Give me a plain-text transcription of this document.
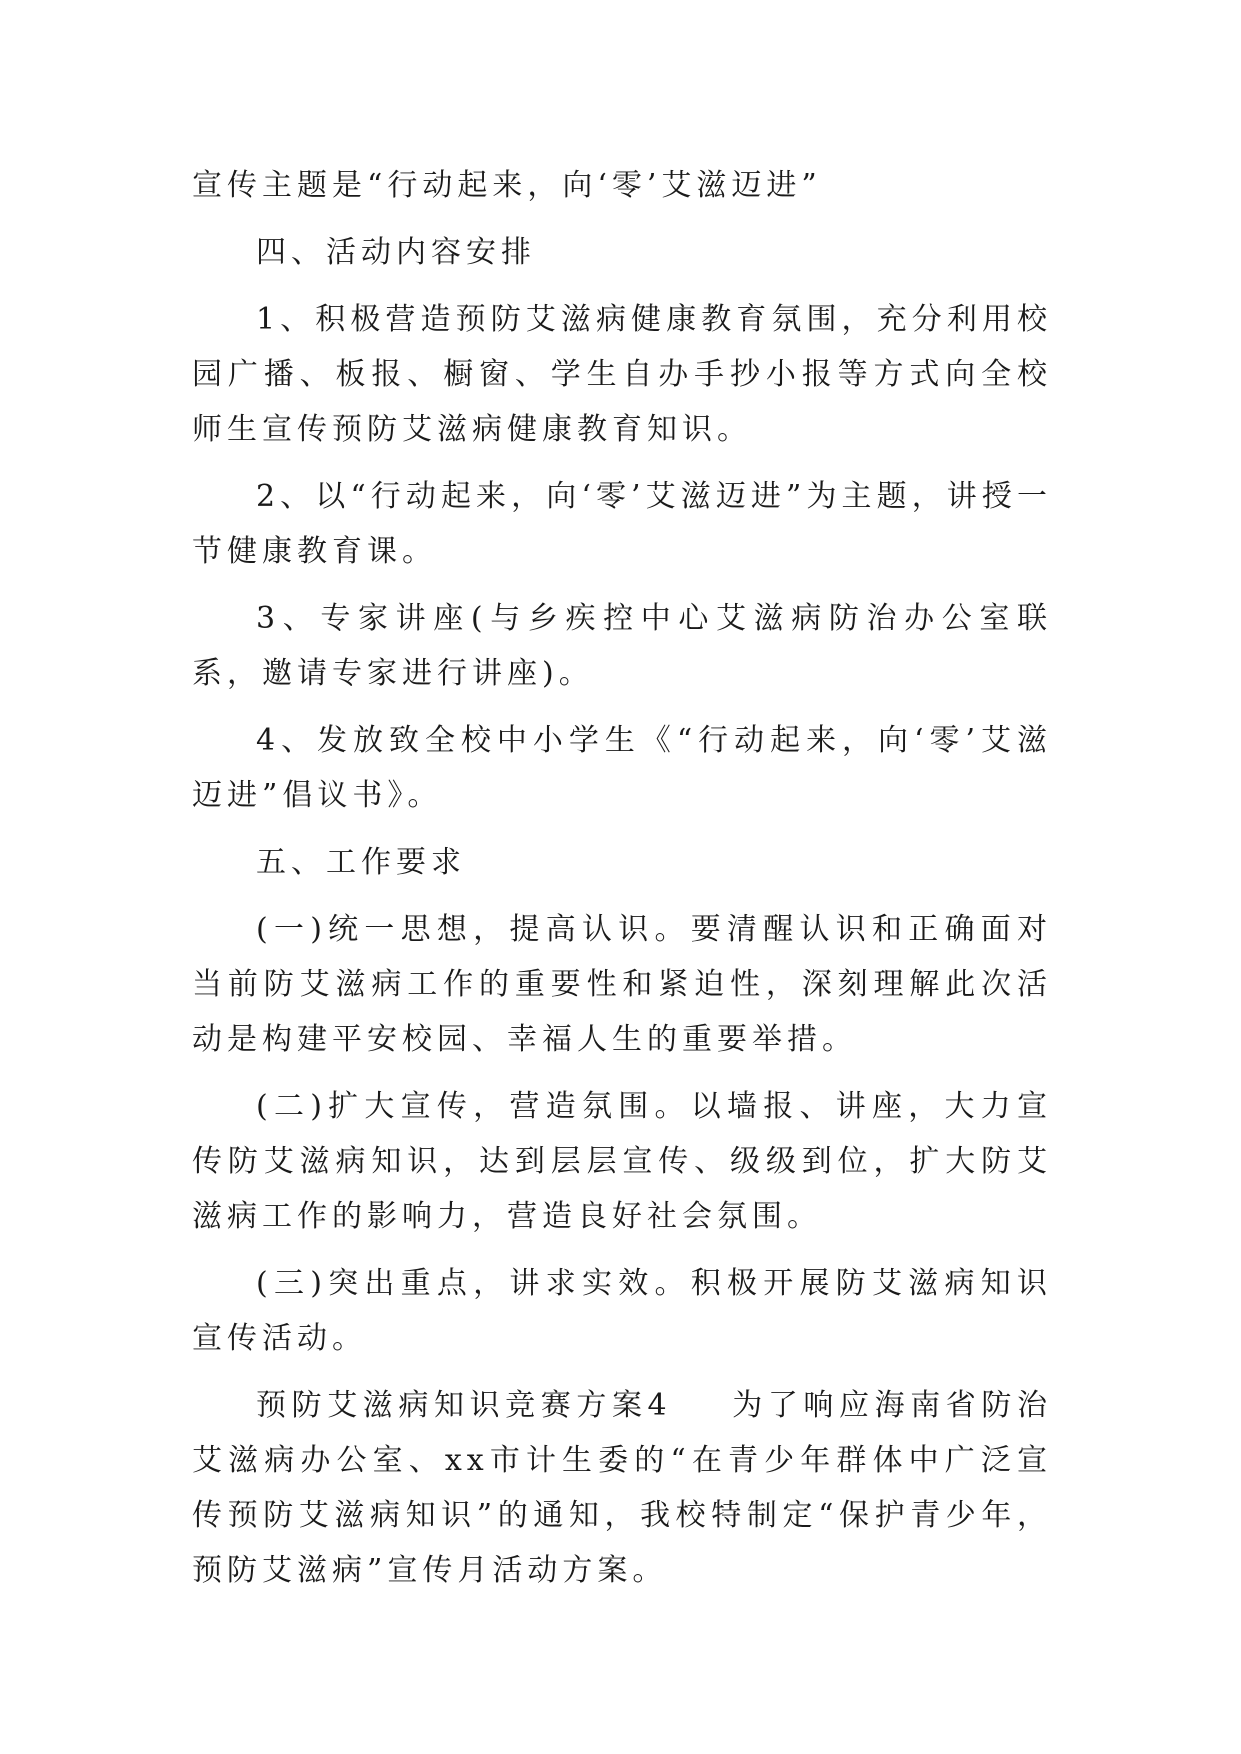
宣传主题是“行动起来，向‘零’艾滋迈进”

四、活动内容安排

1、积极营造预防艾滋病健康教育氛围，充分利用校园广播、板报、橱窗、学生自办手抄小报等方式向全校师生宣传预防艾滋病健康教育知识。

2、以“行动起来，向‘零’艾滋迈进”为主题，讲授一节健康教育课。

3、专家讲座(与乡疾控中心艾滋病防治办公室联系，邀请专家进行讲座)。

4、发放致全校中小学生《“行动起来，向‘零’艾滋迈进”倡议书》。

五、工作要求

(一)统一思想，提高认识。要清醒认识和正确面对当前防艾滋病工作的重要性和紧迫性，深刻理解此次活动是构建平安校园、幸福人生的重要举措。

(二)扩大宣传，营造氛围。以墙报、讲座，大力宣传防艾滋病知识，达到层层宣传、级级到位，扩大防艾滋病工作的影响力，营造良好社会氛围。

(三)突出重点，讲求实效。积极开展防艾滋病知识宣传活动。

预防艾滋病知识竞赛方案4 为了响应海南省防治艾滋病办公室、xx市计生委的“在青少年群体中广泛宣传预防艾滋病知识”的通知，我校特制定“保护青少年，预防艾滋病”宣传月活动方案。
